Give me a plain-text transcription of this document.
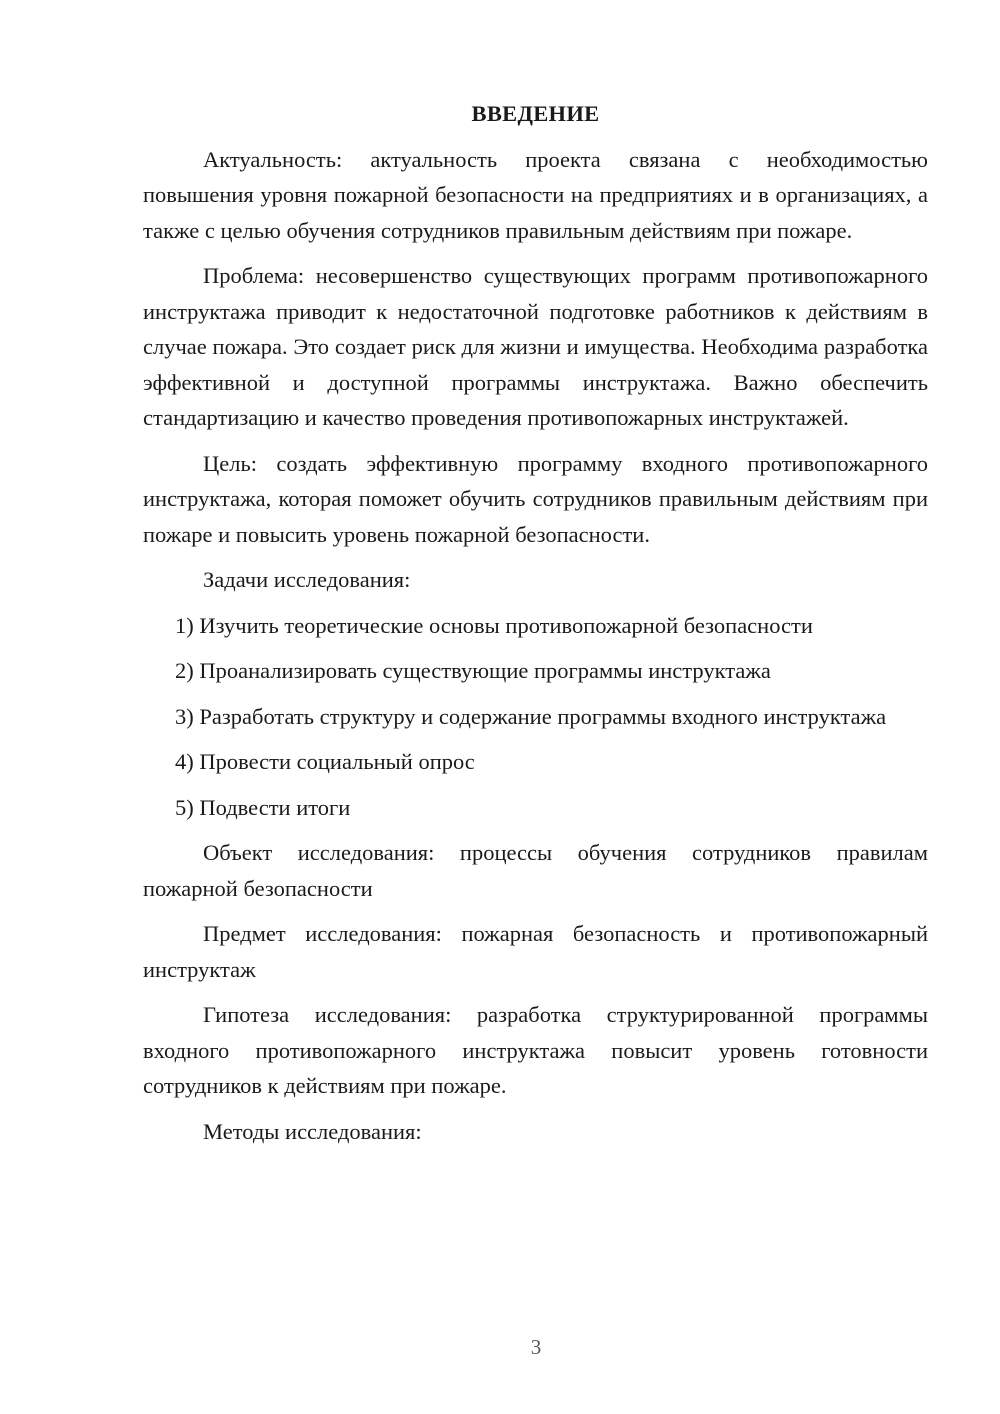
ВВЕДЕНИЕ

Актуальность: актуальность проекта связана с необходимостью повышения уровня пожарной безопасности на предприятиях и в организациях, а также с целью обучения сотрудников правильным действиям при пожаре.

Проблема: несовершенство существующих программ противопожарного инструктажа приводит к недостаточной подготовке работников к действиям в случае пожара. Это создает риск для жизни и имущества. Необходима разработка эффективной и доступной программы инструктажа. Важно обеспечить стандартизацию и качество проведения противопожарных инструктажей.

Цель: создать эффективную программу входного противопожарного инструктажа, которая поможет обучить сотрудников правильным действиям при пожаре и повысить уровень пожарной безопасности.

Задачи исследования:

1) Изучить теоретические основы противопожарной безопасности

2) Проанализировать существующие программы инструктажа

3) Разработать структуру и содержание программы входного инструктажа

4) Провести социальный опрос

5) Подвести итоги

Объект исследования: процессы обучения сотрудников правилам пожарной безопасности

Предмет исследования: пожарная безопасность и противопожарный инструктаж

Гипотеза исследования: разработка структурированной программы входного противопожарного инструктажа повысит уровень готовности сотрудников к действиям при пожаре.

Методы исследования:

3
